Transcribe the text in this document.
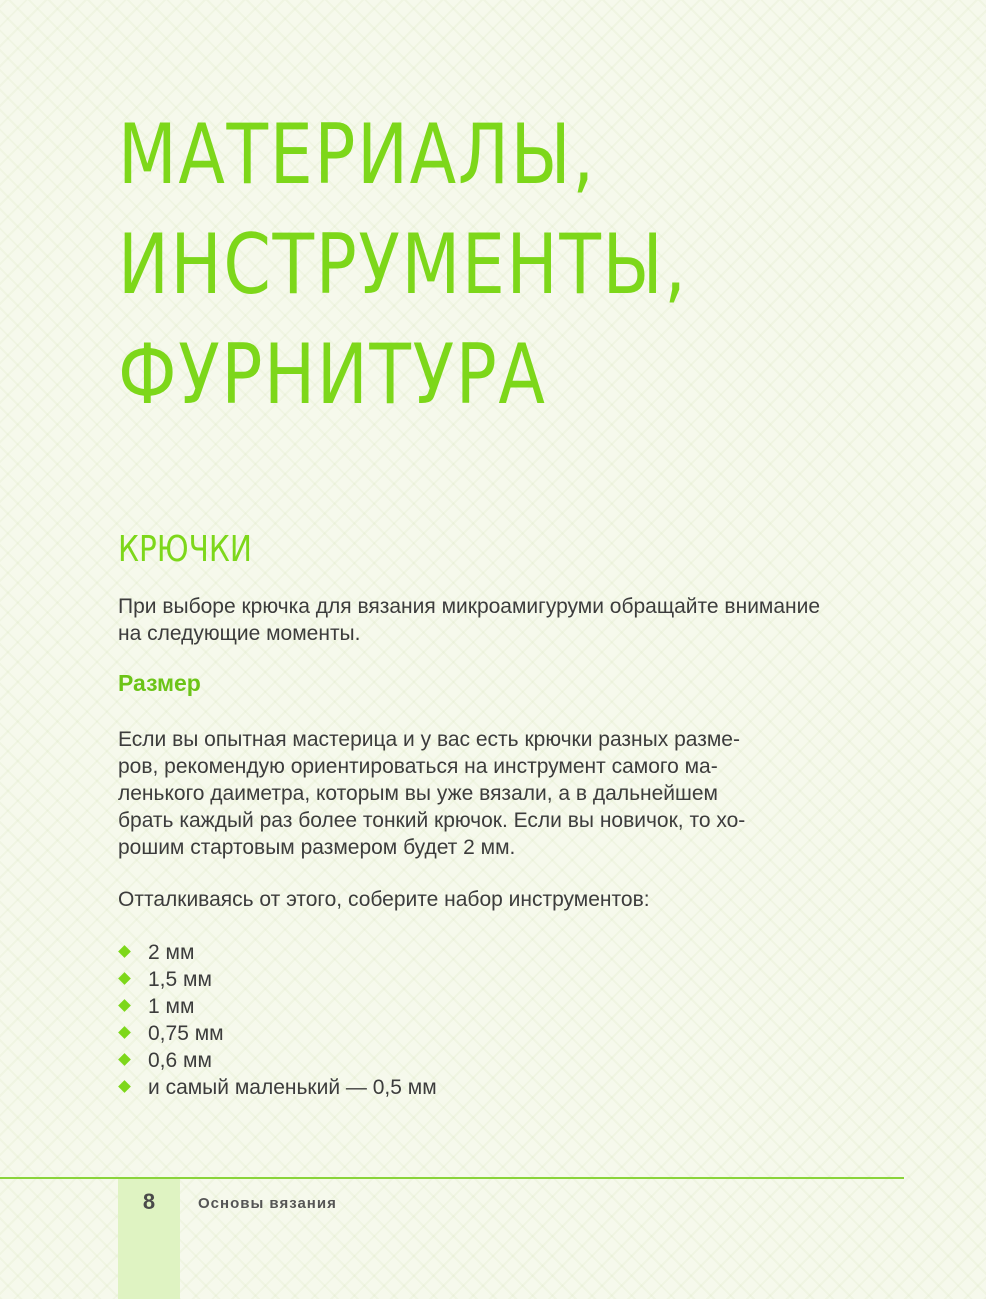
МАТЕРИАЛЫ,
ИНСТРУМЕНТЫ,
ФУРНИТУРА
КРЮЧКИ

При выборе крючка для вязания микроамигуруми обращайте внимание на следующие моменты.

Размер

Если вы опытная мастерица и у вас есть крючки разных разме-
ров, рекомендую ориентироваться на инструмент самого ма-
ленького даиметра, которым вы уже вязали, а в дальнейшем
брать каждый раз более тонкий крючок. Если вы новичок, то хо-
рошим стартовым размером будет 2 мм.

Отталкиваясь от этого, соберите набор инструментов:

2 мм
1,5 мм
1 мм
0,75 мм
0,6 мм
и самый маленький — 0,5 мм
8	Основы вязания
